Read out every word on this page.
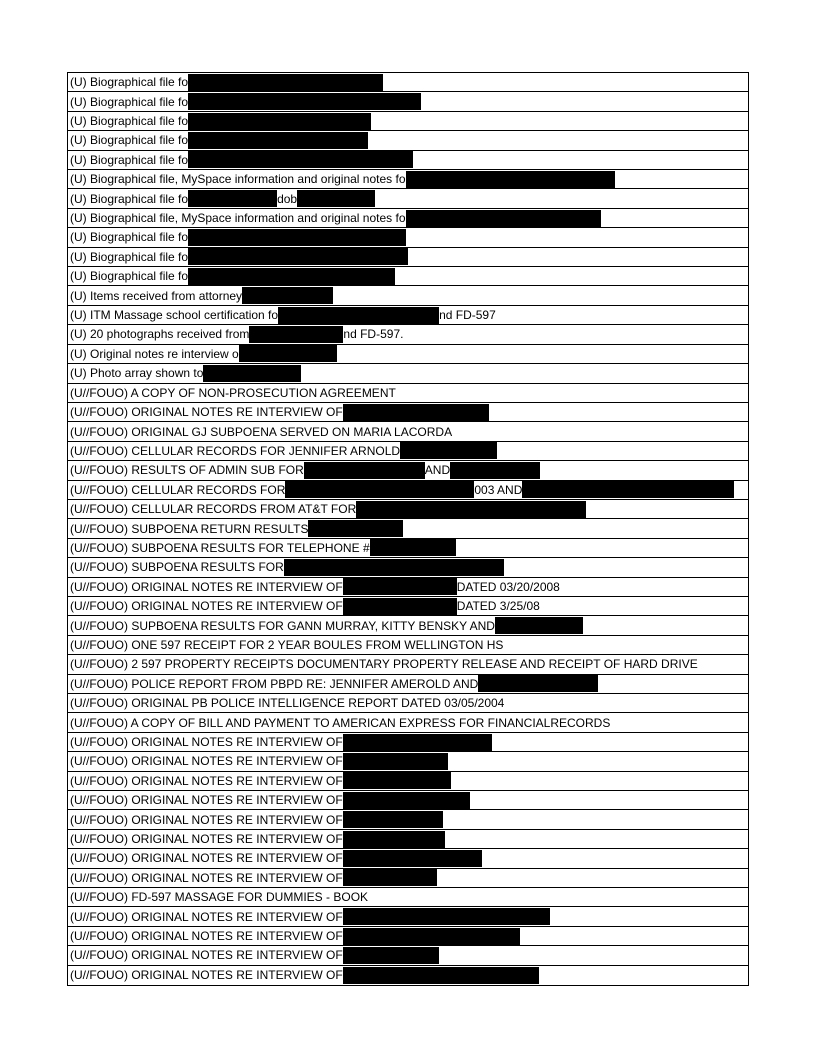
(U) Biographical file fo
(U) Biographical file fo
(U) Biographical file fo
(U) Biographical file fo
(U) Biographical file fo
(U) Biographical file, MySpace information and original notes fo
(U) Biographical file fo	dob
(U) Biographical file, MySpace information and original notes fo
(U) Biographical file fo
(U) Biographical file fo
(U) Biographical file fo
(U) Items received from attorney
(U) ITM Massage school certification fo	nd FD-597
(U) 20 photographs received from	nd FD-597.
(U) Original notes re interview o
(U) Photo array shown to
(U//FOUO) A COPY OF NON-PROSECUTION AGREEMENT
(U//FOUO) ORIGINAL NOTES RE INTERVIEW OF
(U//FOUO) ORIGINAL GJ SUBPOENA SERVED ON MARIA LACORDA
(U//FOUO) CELLULAR RECORDS FOR JENNIFER ARNOLD
(U//FOUO) RESULTS OF ADMIN SUB FOR	AND
(U//FOUO) CELLULAR RECORDS FOR	003 AND
(U//FOUO) CELLULAR RECORDS FROM AT&T FOR
(U//FOUO) SUBPOENA RETURN RESULTS
(U//FOUO) SUBPOENA RESULTS FOR TELEPHONE #
(U//FOUO) SUBPOENA RESULTS FOR
(U//FOUO) ORIGINAL NOTES RE INTERVIEW OF	DATED 03/20/2008
(U//FOUO) ORIGINAL NOTES RE INTERVIEW OF	DATED 3/25/08
(U//FOUO) SUPBOENA RESULTS FOR GANN MURRAY, KITTY BENSKY AND
(U//FOUO) ONE 597 RECEIPT FOR 2 YEAR BOULES FROM WELLINGTON HS
(U//FOUO) 2 597 PROPERTY RECEIPTS DOCUMENTARY PROPERTY RELEASE AND RECEIPT OF HARD DRIVE
(U//FOUO) POLICE REPORT FROM PBPD RE: JENNIFER AMEROLD AND
(U//FOUO) ORIGINAL PB POLICE INTELLIGENCE REPORT DATED 03/05/2004
(U//FOUO) A COPY OF BILL AND PAYMENT TO AMERICAN EXPRESS FOR FINANCIALRECORDS
(U//FOUO) ORIGINAL NOTES RE INTERVIEW OF
(U//FOUO) ORIGINAL NOTES RE INTERVIEW OF
(U//FOUO) ORIGINAL NOTES RE INTERVIEW OF
(U//FOUO) ORIGINAL NOTES RE INTERVIEW OF
(U//FOUO) ORIGINAL NOTES RE INTERVIEW OF
(U//FOUO) ORIGINAL NOTES RE INTERVIEW OF
(U//FOUO) ORIGINAL NOTES RE INTERVIEW OF
(U//FOUO) ORIGINAL NOTES RE INTERVIEW OF
(U//FOUO) FD-597 MASSAGE FOR DUMMIES - BOOK
(U//FOUO) ORIGINAL NOTES RE INTERVIEW OF
(U//FOUO) ORIGINAL NOTES RE INTERVIEW OF
(U//FOUO) ORIGINAL NOTES RE INTERVIEW OF
(U//FOUO) ORIGINAL NOTES RE INTERVIEW OF
